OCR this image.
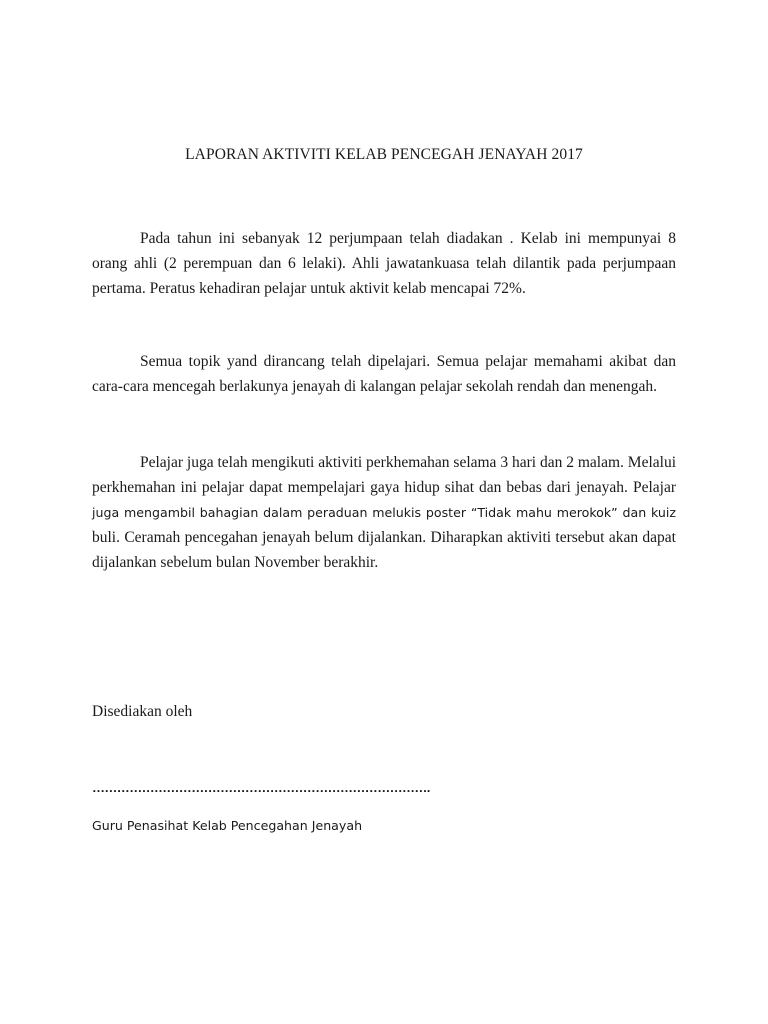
LAPORAN AKTIVITI KELAB PENCEGAH JENAYAH 2017

Pada tahun ini sebanyak 12 perjumpaan telah diadakan . Kelab ini mempunyai 8 orang ahli (2 perempuan dan 6 lelaki). Ahli jawatankuasa telah dilantik pada perjumpaan pertama. Peratus kehadiran pelajar untuk aktivit kelab mencapai 72%.

Semua topik yand dirancang telah dipelajari. Semua pelajar memahami akibat dan cara-cara mencegah berlakunya jenayah di kalangan pelajar sekolah rendah dan menengah.

Pelajar juga telah mengikuti aktiviti perkhemahan selama 3 hari dan 2 malam. Melalui perkhemahan ini pelajar dapat mempelajari gaya hidup sihat dan bebas dari jenayah. Pelajar juga mengambil bahagian dalam peraduan melukis poster “Tidak mahu merokok” dan kuiz buli. Ceramah pencegahan jenayah belum dijalankan. Diharapkan aktiviti tersebut akan dapat dijalankan sebelum bulan November berakhir.

Disediakan oleh

……………………………………………………………………….

Guru Penasihat Kelab Pencegahan Jenayah
